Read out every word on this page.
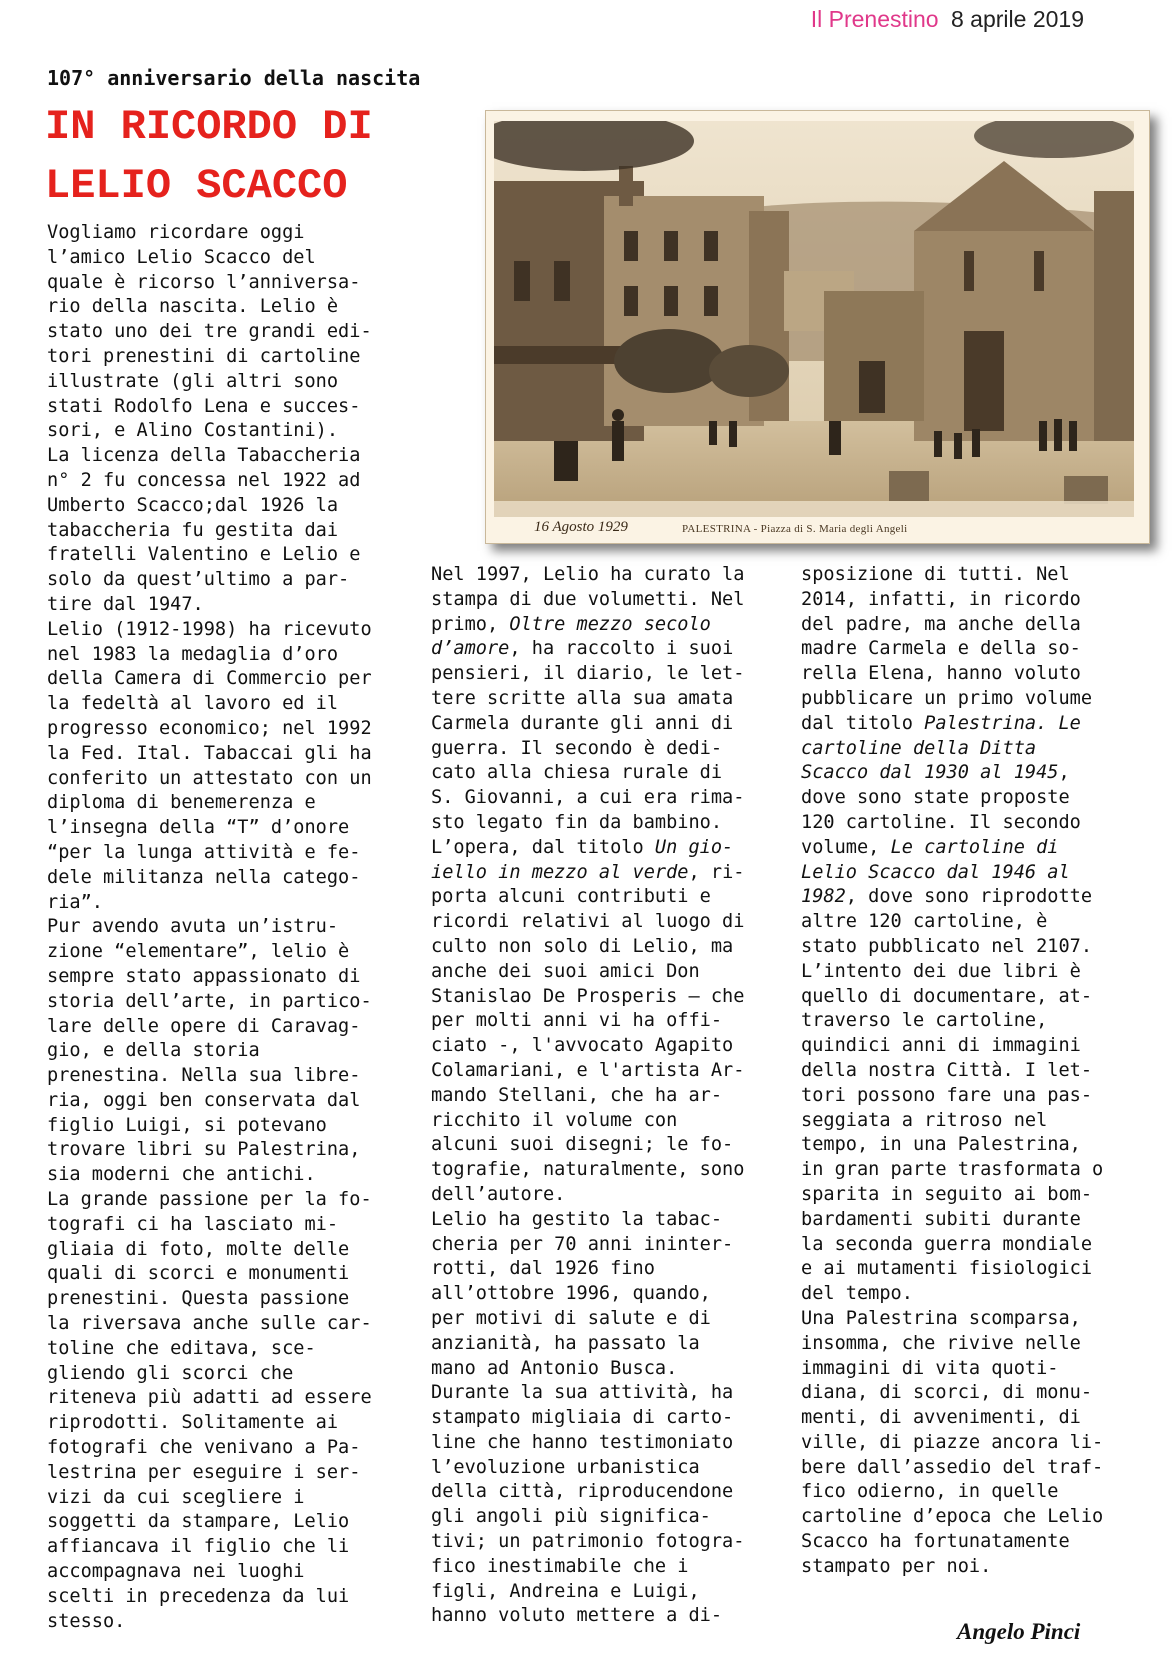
Il Prenestino 8 aprile 2019
107° anniversario della nascita
IN RICORDO DI
LELIO SCACCO
16 Agosto 1929	PALESTRINA - Piazza di S. Maria degli Angeli
Vogliamo ricordare oggi
l’amico Lelio Scacco del
quale è ricorso l’anniversa-
rio della nascita. Lelio è
stato uno dei tre grandi edi-
tori prenestini di cartoline
illustrate (gli altri sono
stati Rodolfo Lena e succes-
sori, e Alino Costantini).
La licenza della Tabaccheria
n° 2 fu concessa nel 1922 ad
Umberto Scacco;dal 1926 la
tabaccheria fu gestita dai
fratelli Valentino e Lelio e
solo da quest’ultimo a par-
tire dal 1947.
Lelio (1912-1998) ha ricevuto
nel 1983 la medaglia d’oro
della Camera di Commercio per
la fedeltà al lavoro ed il
progresso economico; nel 1992
la Fed. Ital. Tabaccai gli ha
conferito un attestato con un
diploma di benemerenza e
l’insegna della “T” d’onore
“per la lunga attività e fe-
dele militanza nella catego-
ria”.
Pur avendo avuta un’istru-
zione “elementare”, lelio è
sempre stato appassionato di
storia dell’arte, in partico-
lare delle opere di Caravag-
gio, e della storia
prenestina. Nella sua libre-
ria, oggi ben conservata dal
figlio Luigi, si potevano
trovare libri su Palestrina,
sia moderni che antichi.
La grande passione per la fo-
tografi ci ha lasciato mi-
gliaia di foto, molte delle
quali di scorci e monumenti
prenestini. Questa passione
la riversava anche sulle car-
toline che editava, sce-
gliendo gli scorci che
riteneva più adatti ad essere
riprodotti. Solitamente ai
fotografi che venivano a Pa-
lestrina per eseguire i ser-
vizi da cui scegliere i
soggetti da stampare, Lelio
affiancava il figlio che li
accompagnava nei luoghi
scelti in precedenza da lui
stesso.
Nel 1997, Lelio ha curato la
stampa di due volumetti. Nel
primo, Oltre mezzo secolo
d’amore, ha raccolto i suoi
pensieri, il diario, le let-
tere scritte alla sua amata
Carmela durante gli anni di
guerra. Il secondo è dedi-
cato alla chiesa rurale di
S. Giovanni, a cui era rima-
sto legato fin da bambino.
L’opera, dal titolo Un gio-
iello in mezzo al verde, ri-
porta alcuni contributi e
ricordi relativi al luogo di
culto non solo di Lelio, ma
anche dei suoi amici Don
Stanislao De Prosperis – che
per molti anni vi ha offi-
ciato -, l'avvocato Agapito
Colamariani, e l'artista Ar-
mando Stellani, che ha ar-
ricchito il volume con
alcuni suoi disegni; le fo-
tografie, naturalmente, sono
dell’autore.
Lelio ha gestito la tabac-
cheria per 70 anni ininter-
rotti, dal 1926 fino
all’ottobre 1996, quando,
per motivi di salute e di
anzianità, ha passato la
mano ad Antonio Busca.
Durante la sua attività, ha
stampato migliaia di carto-
line che hanno testimoniato
l’evoluzione urbanistica
della città, riproducendone
gli angoli più significa-
tivi; un patrimonio fotogra-
fico inestimabile che i
figli, Andreina e Luigi,
hanno voluto mettere a di-
sposizione di tutti. Nel
2014, infatti, in ricordo
del padre, ma anche della
madre Carmela e della so-
rella Elena, hanno voluto
pubblicare un primo volume
dal titolo Palestrina. Le
cartoline della Ditta
Scacco dal 1930 al 1945,
dove sono state proposte
120 cartoline. Il secondo
volume, Le cartoline di
Lelio Scacco dal 1946 al
1982, dove sono riprodotte
altre 120 cartoline, è
stato pubblicato nel 2107.
L’intento dei due libri è
quello di documentare, at-
traverso le cartoline,
quindici anni di immagini
della nostra Città. I let-
tori possono fare una pas-
seggiata a ritroso nel
tempo, in una Palestrina,
in gran parte trasformata o
sparita in seguito ai bom-
bardamenti subiti durante
la seconda guerra mondiale
e ai mutamenti fisiologici
del tempo.
Una Palestrina scomparsa,
insomma, che rivive nelle
immagini di vita quoti-
diana, di scorci, di monu-
menti, di avvenimenti, di
ville, di piazze ancora li-
bere dall’assedio del traf-
fico odierno, in quelle
cartoline d’epoca che Lelio
Scacco ha fortunatamente
stampato per noi.
Angelo Pinci
